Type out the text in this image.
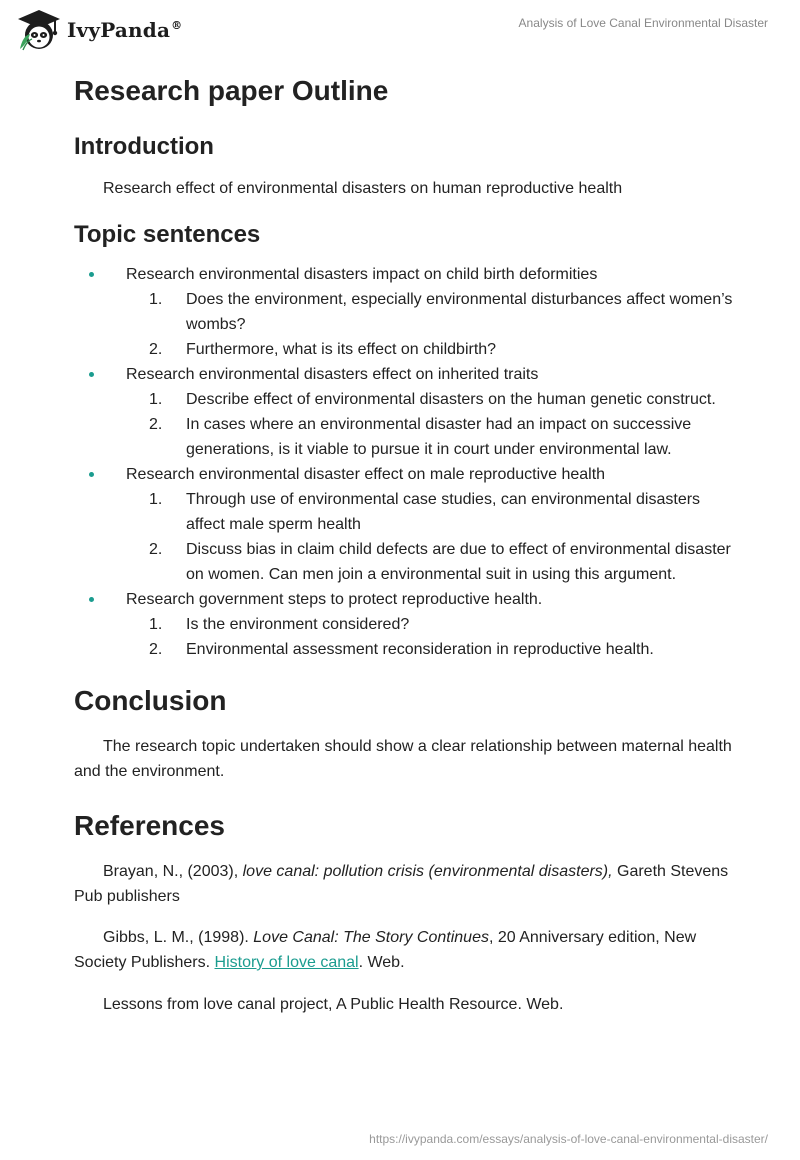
IvyPanda®	Analysis of Love Canal Environmental Disaster
Research paper Outline
Introduction

Research effect of environmental disasters on human reproductive health

Topic sentences
Research environmental disasters impact on child birth deformities
1. Does the environment, especially environmental disturbances affect women’s wombs?
2. Furthermore, what is its effect on childbirth?
Research environmental disasters effect on inherited traits
1. Describe effect of environmental disasters on the human genetic construct.
2. In cases where an environmental disaster had an impact on successive generations, is it viable to pursue it in court under environmental law.
Research environmental disaster effect on male reproductive health
1. Through use of environmental case studies, can environmental disasters affect male sperm health
2. Discuss bias in claim child defects are due to effect of environmental disaster on women. Can men join a environmental suit in using this argument.
Research government steps to protect reproductive health.
1. Is the environment considered?
2. Environmental assessment reconsideration in reproductive health.
Conclusion

The research topic undertaken should show a clear relationship between maternal health and the environment.

References

Brayan, N., (2003), love canal: pollution crisis (environmental disasters), Gareth Stevens Pub publishers

Gibbs, L. M., (1998). Love Canal: The Story Continues, 20 Anniversary edition, New Society Publishers. History of love canal. Web.

Lessons from love canal project, A Public Health Resource. Web.

https://ivypanda.com/essays/analysis-of-love-canal-environmental-disaster/
